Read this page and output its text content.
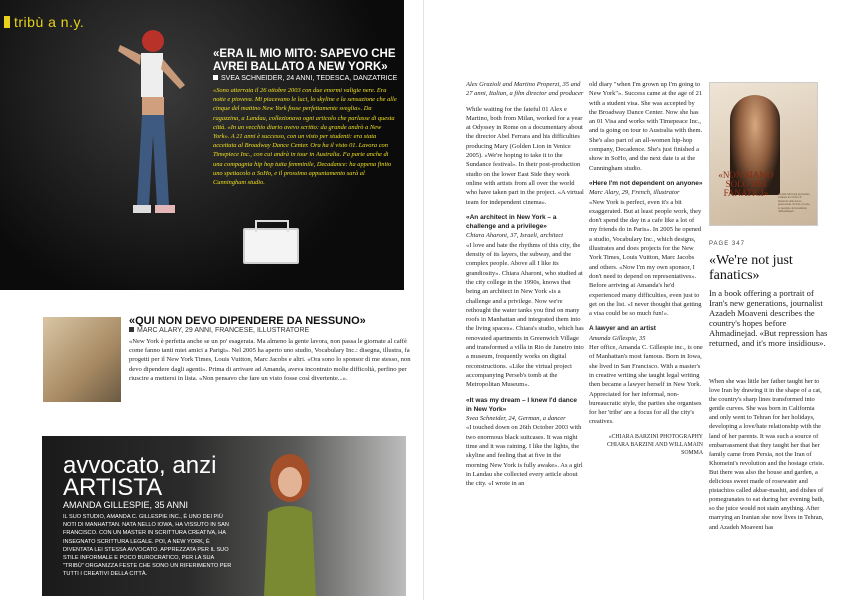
tribù a n.y.
«ERA IL MIO MITO: SAPEVO CHE AVREI BALLATO A NEW YORK»
SVEA SCHNEIDER, 24 ANNI, TEDESCA, DANZATRICE
«Sono atterrata il 26 ottobre 2003 con due enormi valigie nere. Era notte e pioveva. Mi piacevano le luci, lo skyline e la sensazione che alle cinque del mattino New York fosse perfettamente sveglia». Da ragazzina, a Landau, collezionava ogni articolo che parlasse di questa città. «In un vecchio diario avevo scritto: da grande andrò a New York». A 21 anni è successo, con un visto per studenti: era stata accettata al Broadway Dance Center. Ora ha il visto 01. Lavora con Timepiece Inc., con cui andrà in tour in Australia. Fa parte anche di una compagnia hip hop tutta femminile, Decadance: ha appena finito uno spettacolo a SoHo, e il prossimo appuntamento sarà al Cunningham studio.
«QUI NON DEVO DIPENDERE DA NESSUNO»
MARC ALARY, 29 ANNI, FRANCESE, ILLUSTRATORE
«New York è perfetta anche se un po' esagerata. Ma almeno la gente lavora, non passa le giornate al caffè come fanno tanti miei amici a Parigi». Nel 2005 ha aperto uno studio, Vocabulary Inc.: disegna, illustra, fa progetti per il New York Times, Louis Vuitton, Marc Jacobs e altri. «Ora sono lo sponsor di me stesso, non devo dipendere dagli agenti». Prima di arrivare ad Amanda, aveva incontrato molte difficoltà, perfino per riuscire a mettersi in lista. «Non pensavo che fare un visto fosse così divertente...».
avvocato, anzi
ARTISTA
AMANDA GILLESPIE, 35 ANNI
IL SUO STUDIO, AMANDA C. GILLESPIE INC., È UNO DEI PIÙ NOTI DI MANHATTAN. NATA NELLO IOWA, HA VISSUTO IN SAN FRANCISCO. CON UN MASTER IN SCRITTURA CREATIVA, HA INSEGNATO SCRITTURA LEGALE. POI, A NEW YORK, È DIVENTATA LEI STESSA AVVOCATO. APPREZZATA PER IL SUO STILE INFORMALE E POCO BUROCRATICO, PER LA SUA "TRIBÙ" ORGANIZZA FESTE CHE SONO UN RIFERIMENTO PER TUTTI I CREATIVI DELLA CITTÀ.
Alex Grazioli and Martino Properzi, 35 and 27 anni, Italian, a film director and producer
While waiting for the fateful 01 Alex e Martino, both from Milan, worked for a year at Odyssey in Rome on a documentary about the director Abel Ferrara and his difficulties producing Mary (Golden Lion in Venice 2005). «We're hoping to take it to the Sundance festival». In their post-production studio on the lower East Side they work online with artists from all over the world who have taken part in the project. «A virtual team for independent cinema».
«An architect in New York – a challenge and a privilege»
Chiara Aharoni, 37, Israeli, architect
«I love and hate the rhythms of this city, the density of its layers, the subway, and the complex people. Above all I like its grandiosity». Chiara Aharoni, who studied at the city college in the 1990s, knows that being an architect in New York «is a challenge and a privilege. Now we're rethought the water tanks you find on many roofs in Manhattan and integrated them into the living spaces». Chiara's studio, which has renovated apartments in Greenwich Village and transformed a villa in Rio de Janeiro into a museum, frequently works on digital reconstructions. «Like the virtual project accompanying Perseb's tomb at the Metropolitan Museum».
«It was my dream – I knew I'd dance in New York»
Svea Schneider, 24, German, a dancer
«I touched down on 26th October 2003 with two enormous black suitcases. It was night time and it was raining. I like the lights, the skyline and feeling that at five in the morning New York is fully awake». As a girl in Landau she collected every article about the city. «I wrote in an
old diary "when I'm grown up I'm going to New York"». Success came at the age of 21 with a student visa. She was accepted by the Broadway Dance Center. Now she has an 01 Visa and works with Timepeace Inc., and is going on tour to Australia with them. She's also part of an all-women hip-hop company, Decadence. She's just finished a show in SoHo, and the next date is at the Cunningham studio.
«Here I'm not dependent on anyone»
Marc Alary, 29, French, illustrator
«New York is perfect, even it's a bit exaggerated. But at least people work, they don't spend the day in a cafe like a lot of my friends do in Paris». In 2005 he opened a studio, Vocabulary Inc., which designs, illustrates and does projects for the New York Times, Louis Vuitton, Marc Jacobs and others. «Now I'm my own sponsor, I don't need to depend on representatives». Before arriving at Amanda's he'd experienced many difficulties, even just to get on the list. «I never thought that getting a visa could be so much fun!».
A lawyer and an artist
Amanda Gillespie, 35
Her office, Amanda C. Gillespie inc., is one of Manhattan's most famous. Born in Iowa, she lived in San Francisco. With a master's in creative writing she taught legal writing then became a lawyer herself in New York. Appreciated for her informal, non-bureaucratic style, the parties she organises for her 'tribe' are a focus for all the city's creatives.
«CHIARA BARZINI PHOTOGRAPHY CHIARA BARZINI AND WILLAMAIN SOMMA
«NON SIAMO SOLO DEI FANATICI»	Azadeh Moaveni giornalista iraniana ha il libro di memorie sulle nuove generazioni. In Iran, ricorda, le speranze del presidente Ahmadinejad...
PAGE 347
«We're not just fanatics»
In a book offering a portrait of Iran's new generations, journalist Azadeh Moaveni describes the country's hopes before Ahmadinejad. «But repression has returned, and it's more insidious».
When she was little her father taught her to love Iran by drawing it in the shape of a cat, the country's sharp lines transformed into gentle curves. She was born in California and only went to Tehran for her holidays, developing a love/hate relationship with the land of her parents. It was such a source of embarrassment that they taught her that her family came from Persia, not the Iran of Khomeini's revolution and the hostage crisis. But there was also the house and garden, a delicious sweet made of rosewater and pistachios called akbar-mashti, and dishes of pomegranates to eat during her evening bath, so the juice would not stain anything. After marrying an Iranian she now lives in Tehran, and Azadeh Moaveni has
